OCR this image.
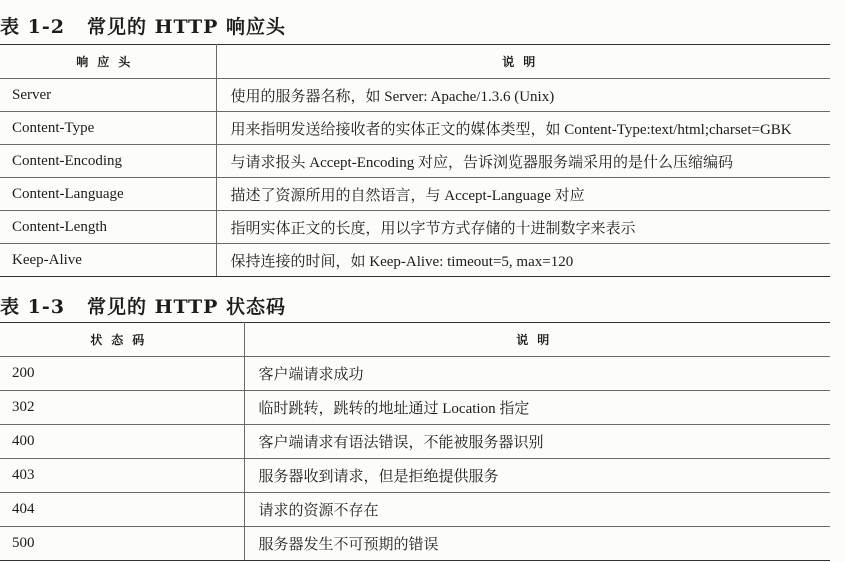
表 1-2 常见的 HTTP 响应头
响应头	说明
Server	使用的服务器名称，如 Server: Apache/1.3.6 (Unix)
Content-Type	用来指明发送给接收者的实体正文的媒体类型，如 Content-Type:text/html;charset=GBK
Content-Encoding	与请求报头 Accept-Encoding 对应，告诉浏览器服务端采用的是什么压缩编码
Content-Language	描述了资源所用的自然语言，与 Accept-Language 对应
Content-Length	指明实体正文的长度，用以字节方式存储的十进制数字来表示
Keep-Alive	保持连接的时间，如 Keep-Alive: timeout=5, max=120
表 1-3 常见的 HTTP 状态码
状态码	说明
200	客户端请求成功
302	临时跳转，跳转的地址通过 Location 指定
400	客户端请求有语法错误，不能被服务器识别
403	服务器收到请求，但是拒绝提供服务
404	请求的资源不存在
500	服务器发生不可预期的错误
